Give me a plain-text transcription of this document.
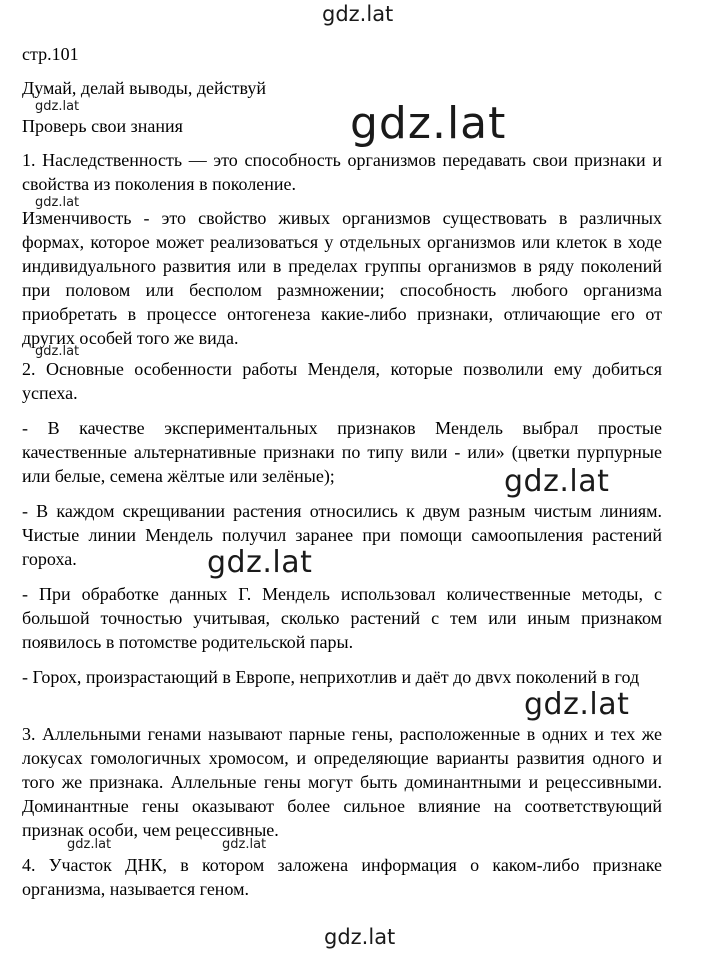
gdz.lat
gdz.lat
стр.101
Думай, делай выводы, действуй
Проверь свои знания
1. Наследственность — это способность организмов передавать свои признаки и свойства из поколения в поколение.
Изменчивость - это свойство живых организмов существовать в различных формах, которое может реализоваться у отдельных организмов или клеток в ходе индивидуального развития или в пределах группы организмов в ряду поколений при половом или бесполом размножении; способность любого организма приобретать в процессе онтогенеза какие-либо признаки, отличающие его от других особей того же вида.
2. Основные особенности работы Менделя, которые позволили ему добиться успеха.
- В качестве экспериментальных признаков Мендель выбрал простые качественные альтернативные признаки по типу вили - или» (цветки пурпурные или белые, семена жёлтые или зелёные);
- В каждом скрещивании растения относились к двум разным чистым линиям. Чистые линии Мендель получил заранее при помощи самоопыления растений гороха.
- При обработке данных Г. Мендель использовал количественные методы, с большой точностью учитывая, сколько растений с тем или иным признаком появилось в потомстве родительской пары.
- Горох, произрастающий в Европе, неприхотлив и даёт до двvх поколений в год
3. Аллельными генами называют парные гены, расположенные в одних и тех же локусах гомологичных хромосом, и определяющие варианты развития одного и того же признака. Аллельные гены могут быть доминантными и рецессивными. Доминантные гены оказывают более сильное влияние на соответствующий признак особи, чем рецессивные.
4. Участок ДНК, в котором заложена информация о каком-либо признаке организма, называется геном.
gdz.lat	gdz.lat
gdz.lat
gdz.lat
gdz.lat
gdz.lat
gdz.lat
gdz.lat	gdz.lat
